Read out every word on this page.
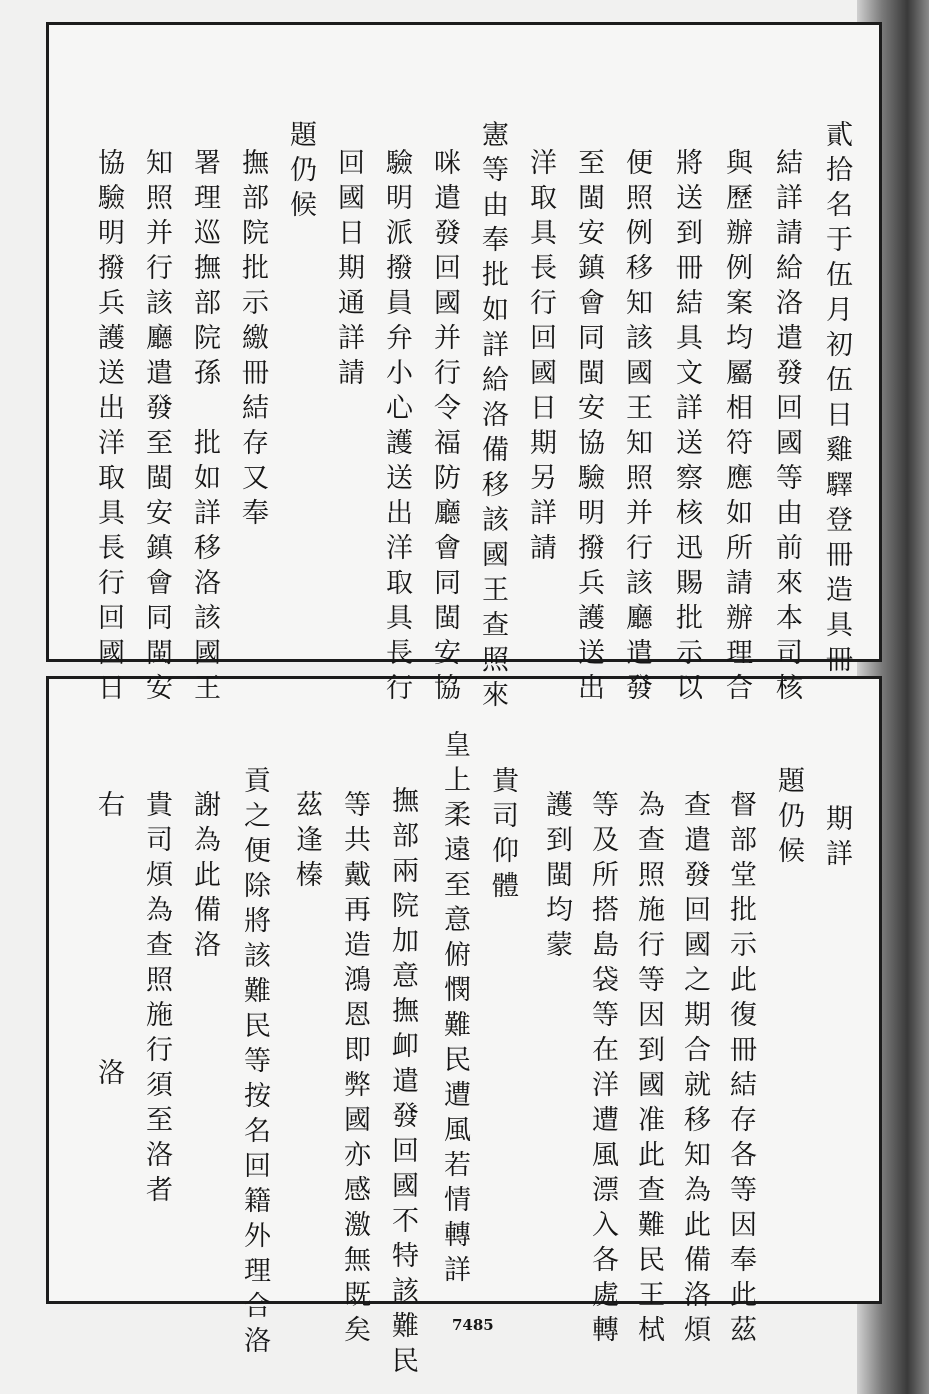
貳拾名于伍月初伍日雞驛登冊造具冊
結詳請給洛遣發回國等由前來本司核
與歷辦例案均屬相符應如所請辦理合
將送到冊結具文詳送察核迅賜批示以
便照例移知該國王知照并行該廳遣發
至閩安鎮會同閩安協驗明撥兵護送出
洋取具長行回國日期另詳請
憲等由奉批如詳給洛備移該國王查照來
咪遣發回國并行令福防廳會同閩安協
驗明派撥員弁小心護送出洋取具長行
回國日期通詳請
題仍候
撫部院批示繳冊結存又奉
署理巡撫部院孫　批如詳移洛該國王
知照并行該廳遣發至閩安鎮會同閩安
協驗明撥兵護送出洋取具長行回國日
期詳
題仍候
督部堂批示此復冊結存各等因奉此茲
查遣發回國之期合就移知為此備洛煩
為查照施行等因到國准此查難民王栻
等及所搭島袋等在洋遭風漂入各處轉
護到閩均蒙
貴司仰體
皇上柔遠至意俯憫難民遭風若情轉詳
撫部兩院加意撫卹遣發回國不特該難民
等共戴再造鴻恩即弊國亦感激無既矣
茲逢榛
貢之便除將該難民等按名回籍外理合洛
謝為此備洛
貴司煩為查照施行須至洛者
右
洛
7485
